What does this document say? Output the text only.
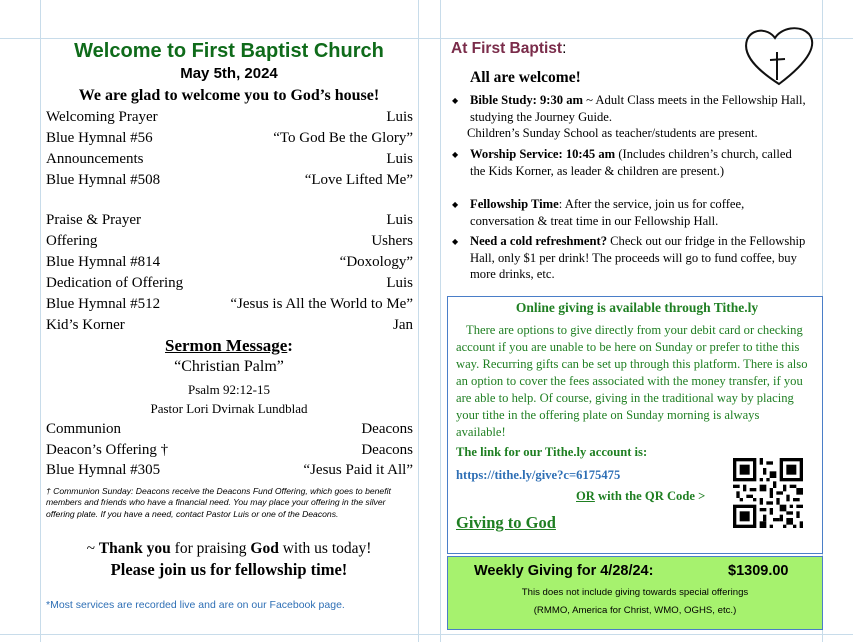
Welcome to First Baptist Church
May 5th, 2024
We are glad to welcome you to God’s house!
Welcoming Prayer	Luis
Blue Hymnal #56	“To God Be the Glory”
Announcements	Luis
Blue Hymnal #508	“Love Lifted Me”
Praise & Prayer	Luis
Offering	Ushers
Blue Hymnal #814	“Doxology”
Dedication of Offering	Luis
Blue Hymnal #512	“Jesus is All the World to Me”
Kid’s Korner	Jan
Sermon Message:
“Christian Palm”
Psalm 92:12-15
Pastor Lori Dvirnak Lundblad
Communion	Deacons
Deacon’s Offering †	Deacons
Blue Hymnal #305	“Jesus Paid it All”
† Communion Sunday: Deacons receive the Deacons Fund Offering, which goes to benefit members and friends who have a financial need. You may place your offering in the silver offering plate. If you have a need, contact Pastor Luis or one of the Deacons.
~ Thank you for praising God with us today!
Please join us for fellowship time!
*Most services are recorded live and are on our Facebook page.
At First Baptist:
All are welcome!
◆ Bible Study: 9:30 am ~ Adult Class meets in the Fellowship Hall, studying the Journey Guide.
Children’s Sunday School as teacher/students are present.
◆ Worship Service: 10:45 am (Includes children’s church, called the Kids Korner, as leader & children are present.)
◆ Fellowship Time: After the service, join us for coffee, conversation & treat time in our Fellowship Hall.
◆ Need a cold refreshment? Check out our fridge in the Fellowship Hall, only $1 per drink! The proceeds will go to fund coffee, buy more drinks, etc.
Online giving is available through Tithe.ly
There are options to give directly from your debit card or checking account if you are unable to be here on Sunday or prefer to tithe this way. Recurring gifts can be set up through this platform. There is also an option to cover the fees associated with the money transfer, if you are able to help. Of course, giving in the traditional way by placing your tithe in the offering plate on Sunday morning is always available!
The link for our Tithe.ly account is:
https://tithe.ly/give?c=6175475
OR with the QR Code >
Giving to God
Weekly Giving for 4/28/24:	$1309.00
This does not include giving towards special offerings
(RMMO, America for Christ, WMO, OGHS, etc.)
